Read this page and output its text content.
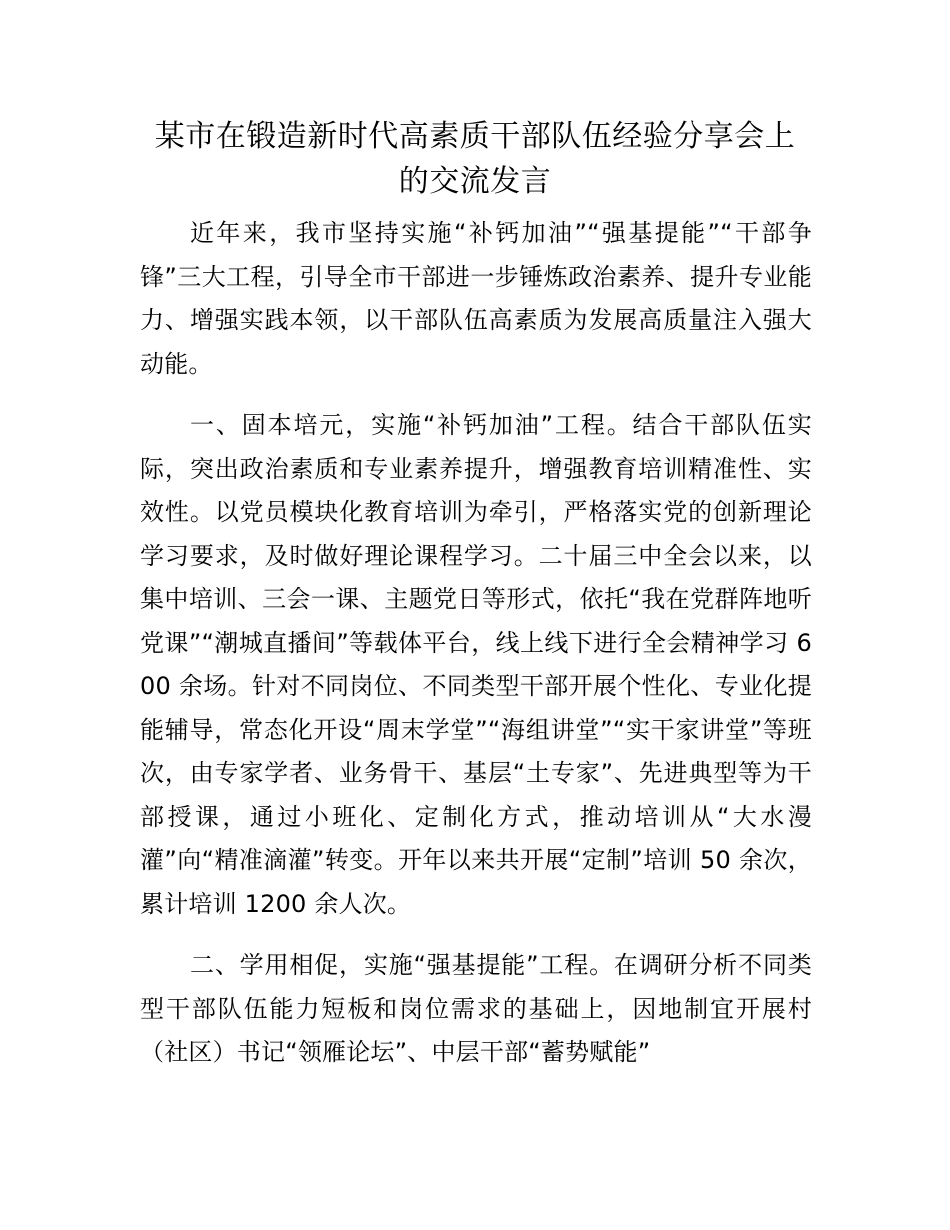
某市在锻造新时代高素质干部队伍经验分享会上的交流发言

近年来，我市坚持实施“补钙加油”“强基提能”“干部争锋”三大工程，引导全市干部进一步锤炼政治素养、提升专业能力、增强实践本领，以干部队伍高素质为发展高质量注入强大动能。

一、固本培元，实施“补钙加油”工程。结合干部队伍实际，突出政治素质和专业素养提升，增强教育培训精准性、实效性。以党员模块化教育培训为牵引，严格落实党的创新理论学习要求，及时做好理论课程学习。二十届三中全会以来，以集中培训、三会一课、主题党日等形式，依托“我在党群阵地听党课”“潮城直播间”等载体平台，线上线下进行全会精神学习 600 余场。针对不同岗位、不同类型干部开展个性化、专业化提能辅导，常态化开设“周末学堂”“海组讲堂”“实干家讲堂”等班次，由专家学者、业务骨干、基层“土专家”、先进典型等为干部授课，通过小班化、定制化方式，推动培训从“大水漫灌”向“精准滴灌”转变。开年以来共开展“定制”培训 50 余次，累计培训 1200 余人次。

二、学用相促，实施“强基提能”工程。在调研分析不同类型干部队伍能力短板和岗位需求的基础上，因地制宜开展村（社区）书记“领雁论坛”、中层干部“蓄势赋能”
